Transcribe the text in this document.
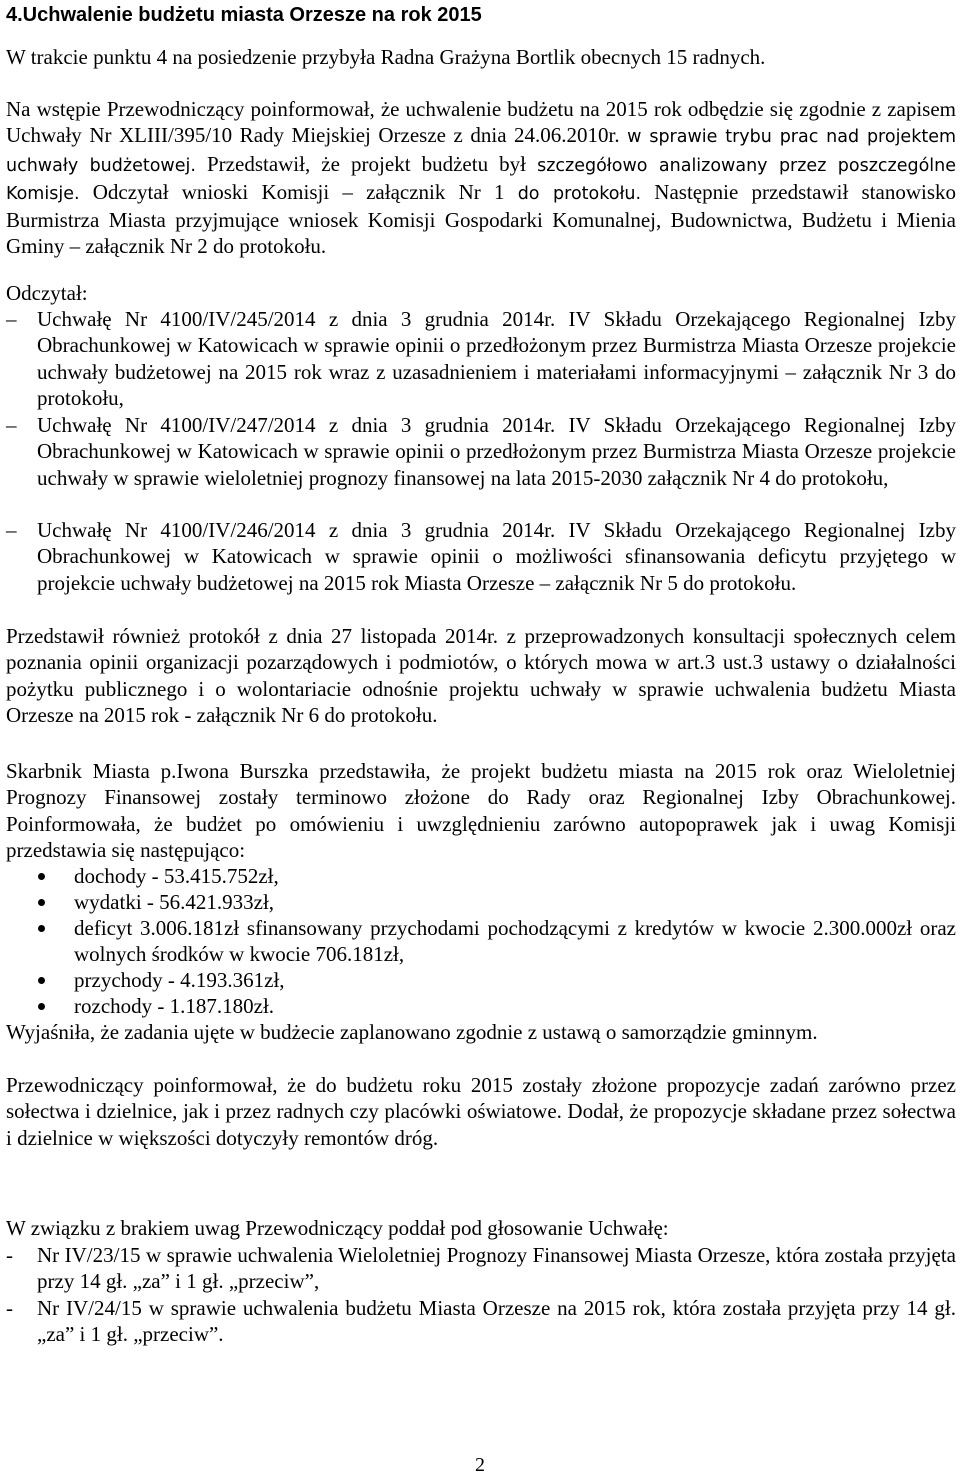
4.Uchwalenie budżetu miasta Orzesze na rok 2015

W trakcie punktu 4 na posiedzenie przybyła Radna Grażyna Bortlik obecnych 15 radnych.

Na wstępie Przewodniczący poinformował, że uchwalenie budżetu na 2015 rok odbędzie się zgodnie z zapisem Uchwały Nr XLIII/395/10 Rady Miejskiej Orzesze z dnia 24.06.2010r. w sprawie trybu prac nad projektem uchwały budżetowej. Przedstawił, że projekt budżetu był szczegółowo analizowany przez poszczególne Komisje. Odczytał wnioski Komisji – załącznik Nr 1 do protokołu. Następnie przedstawił stanowisko Burmistrza Miasta przyjmujące wniosek Komisji Gospodarki Komunalnej, Budownictwa, Budżetu i Mienia Gminy – załącznik Nr 2 do protokołu.

Odczytał:

– Uchwałę Nr 4100/IV/245/2014 z dnia 3 grudnia 2014r. IV Składu Orzekającego Regionalnej Izby Obrachunkowej w Katowicach w sprawie opinii o przedłożonym przez Burmistrza Miasta Orzesze projekcie uchwały budżetowej na 2015 rok wraz z uzasadnieniem i materiałami informacyjnymi – załącznik Nr 3 do protokołu,
– Uchwałę Nr 4100/IV/247/2014 z dnia 3 grudnia 2014r. IV Składu Orzekającego Regionalnej Izby Obrachunkowej w Katowicach w sprawie opinii o przedłożonym przez Burmistrza Miasta Orzesze projekcie uchwały w sprawie wieloletniej prognozy finansowej na lata 2015-2030 załącznik Nr 4 do protokołu,
– Uchwałę Nr 4100/IV/246/2014 z dnia 3 grudnia 2014r. IV Składu Orzekającego Regionalnej Izby Obrachunkowej w Katowicach w sprawie opinii o możliwości sfinansowania deficytu przyjętego w projekcie uchwały budżetowej na 2015 rok Miasta Orzesze – załącznik Nr 5 do protokołu.

Przedstawił również protokół z dnia 27 listopada 2014r. z przeprowadzonych konsultacji społecznych celem poznania opinii organizacji pozarządowych i podmiotów, o których mowa w art.3 ust.3 ustawy o działalności pożytku publicznego i o wolontariacie odnośnie projektu uchwały w sprawie uchwalenia budżetu Miasta Orzesze na 2015 rok - załącznik Nr 6 do protokołu.

Skarbnik Miasta p.Iwona Burszka przedstawiła, że projekt budżetu miasta na 2015 rok oraz Wieloletniej Prognozy Finansowej zostały terminowo złożone do Rady oraz Regionalnej Izby Obrachunkowej. Poinformowała, że budżet po omówieniu i uwzględnieniu zarówno autopoprawek jak i uwag Komisji przedstawia się następująco:

dochody - 53.415.752zł,
wydatki - 56.421.933zł,
deficyt 3.006.181zł sfinansowany przychodami pochodzącymi z kredytów w kwocie 2.300.000zł oraz wolnych środków w kwocie 706.181zł,
przychody - 4.193.361zł,
rozchody - 1.187.180zł.

Wyjaśniła, że zadania ujęte w budżecie zaplanowano zgodnie z ustawą o samorządzie gminnym.

Przewodniczący poinformował, że do budżetu roku 2015 zostały złożone propozycje zadań zarówno przez sołectwa i dzielnice, jak i przez radnych czy placówki oświatowe. Dodał, że propozycje składane przez sołectwa i dzielnice w większości dotyczyły remontów dróg.

W związku z brakiem uwag Przewodniczący poddał pod głosowanie Uchwałę:

- Nr IV/23/15 w sprawie uchwalenia Wieloletniej Prognozy Finansowej Miasta Orzesze, która została przyjęta przy 14 gł. „za” i 1 gł. „przeciw”,
- Nr IV/24/15 w sprawie uchwalenia budżetu Miasta Orzesze na 2015 rok, która została przyjęta przy 14 gł. „za” i 1 gł. „przeciw”.
2
